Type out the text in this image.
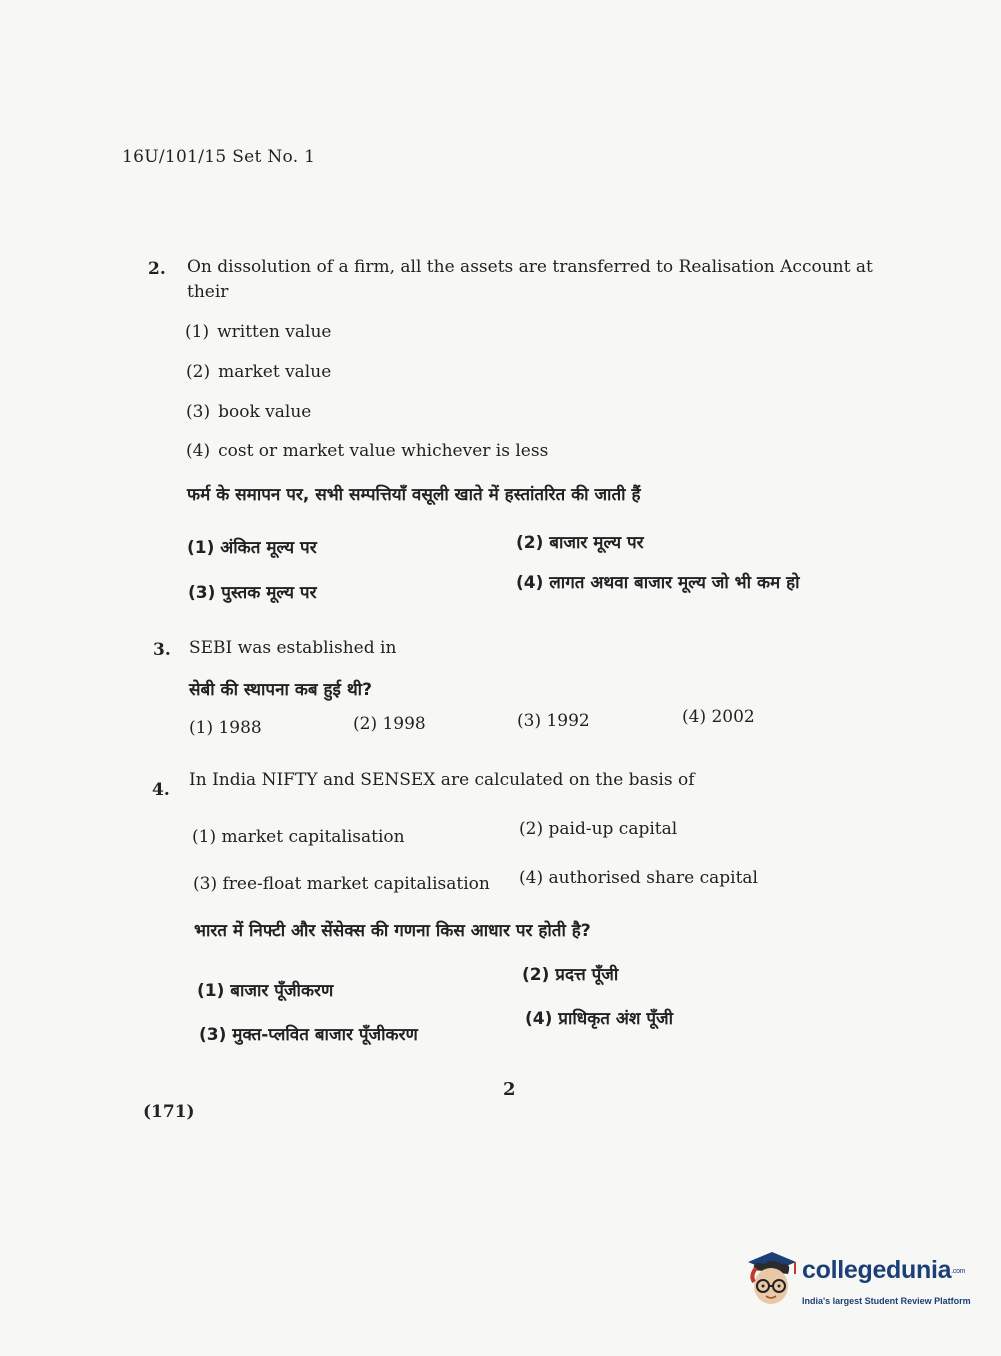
16U/101/15 Set No. 1
2. On dissolution of a firm, all the assets are transferred to Realisation Account at
their
(1) written value
(2) market value
(3) book value
(4) cost or market value whichever is less
फर्म के समापन पर, सभी सम्पत्तियाँ वसूली खाते में हस्तांतरित की जाती हैं
(1) अंकित मूल्य पर	(2) बाजार मूल्य पर
(3) पुस्तक मूल्य पर	(4) लागत अथवा बाजार मूल्य जो भी कम हो
3. SEBI was established in
सेबी की स्थापना कब हुई थी?
(1) 1988	(2) 1998	(3) 1992	(4) 2002
4. In India NIFTY and SENSEX are calculated on the basis of
(1) market capitalisation	(2) paid-up capital
(3) free-float market capitalisation (4) authorised share capital
भारत में निफ्टी और सेंसेक्स की गणना किस आधार पर होती है?
(1) बाजार पूँजीकरण
(2) प्रदत्त पूँजी
(3) मुक्त-प्लवित बाजार पूँजीकरण
(4) प्राधिकृत अंश पूँजी
2
(171)
collegedunia.com
India's largest Student Review Platform
